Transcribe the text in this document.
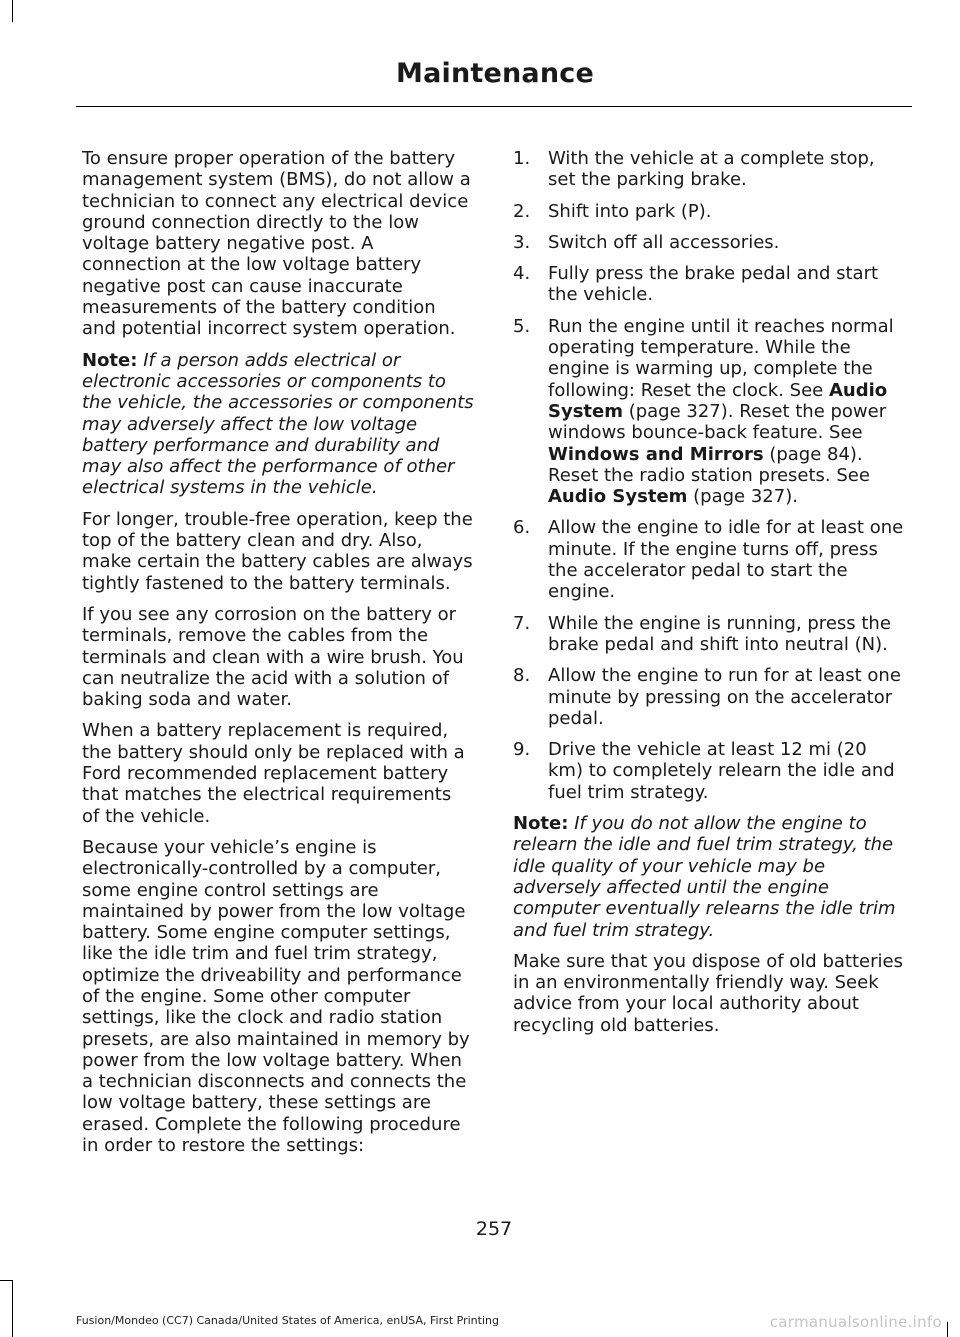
Maintenance

To ensure proper operation of the battery management system (BMS), do not allow a technician to connect any electrical device ground connection directly to the low voltage battery negative post. A connection at the low voltage battery negative post can cause inaccurate measurements of the battery condition and potential incorrect system operation.

Note: If a person adds electrical or electronic accessories or components to the vehicle, the accessories or components may adversely affect the low voltage battery performance and durability and may also affect the performance of other electrical systems in the vehicle.

For longer, trouble-free operation, keep the top of the battery clean and dry. Also, make certain the battery cables are always tightly fastened to the battery terminals.

If you see any corrosion on the battery or terminals, remove the cables from the terminals and clean with a wire brush. You can neutralize the acid with a solution of baking soda and water.

When a battery replacement is required, the battery should only be replaced with a Ford recommended replacement battery that matches the electrical requirements of the vehicle.

Because your vehicle’s engine is electronically-controlled by a computer, some engine control settings are maintained by power from the low voltage battery. Some engine computer settings, like the idle trim and fuel trim strategy, optimize the driveability and performance of the engine. Some other computer settings, like the clock and radio station presets, are also maintained in memory by power from the low voltage battery. When a technician disconnects and connects the low voltage battery, these settings are erased. Complete the following procedure in order to restore the settings:

1. With the vehicle at a complete stop, set the parking brake.
2. Shift into park (P).
3. Switch off all accessories.
4. Fully press the brake pedal and start the vehicle.
5. Run the engine until it reaches normal operating temperature. While the engine is warming up, complete the following: Reset the clock. See Audio System (page 327). Reset the power windows bounce-back feature. See Windows and Mirrors (page 84). Reset the radio station presets. See Audio System (page 327).
6. Allow the engine to idle for at least one minute. If the engine turns off, press the accelerator pedal to start the engine.
7. While the engine is running, press the brake pedal and shift into neutral (N).
8. Allow the engine to run for at least one minute by pressing on the accelerator pedal.
9. Drive the vehicle at least 12 mi (20 km) to completely relearn the idle and fuel trim strategy.

Note: If you do not allow the engine to relearn the idle and fuel trim strategy, the idle quality of your vehicle may be adversely affected until the engine computer eventually relearns the idle trim and fuel trim strategy.

Make sure that you dispose of old batteries in an environmentally friendly way. Seek advice from your local authority about recycling old batteries.

257
Fusion/Mondeo (CC7) Canada/United States of America, enUSA, First Printing	carmanualsonline.info
